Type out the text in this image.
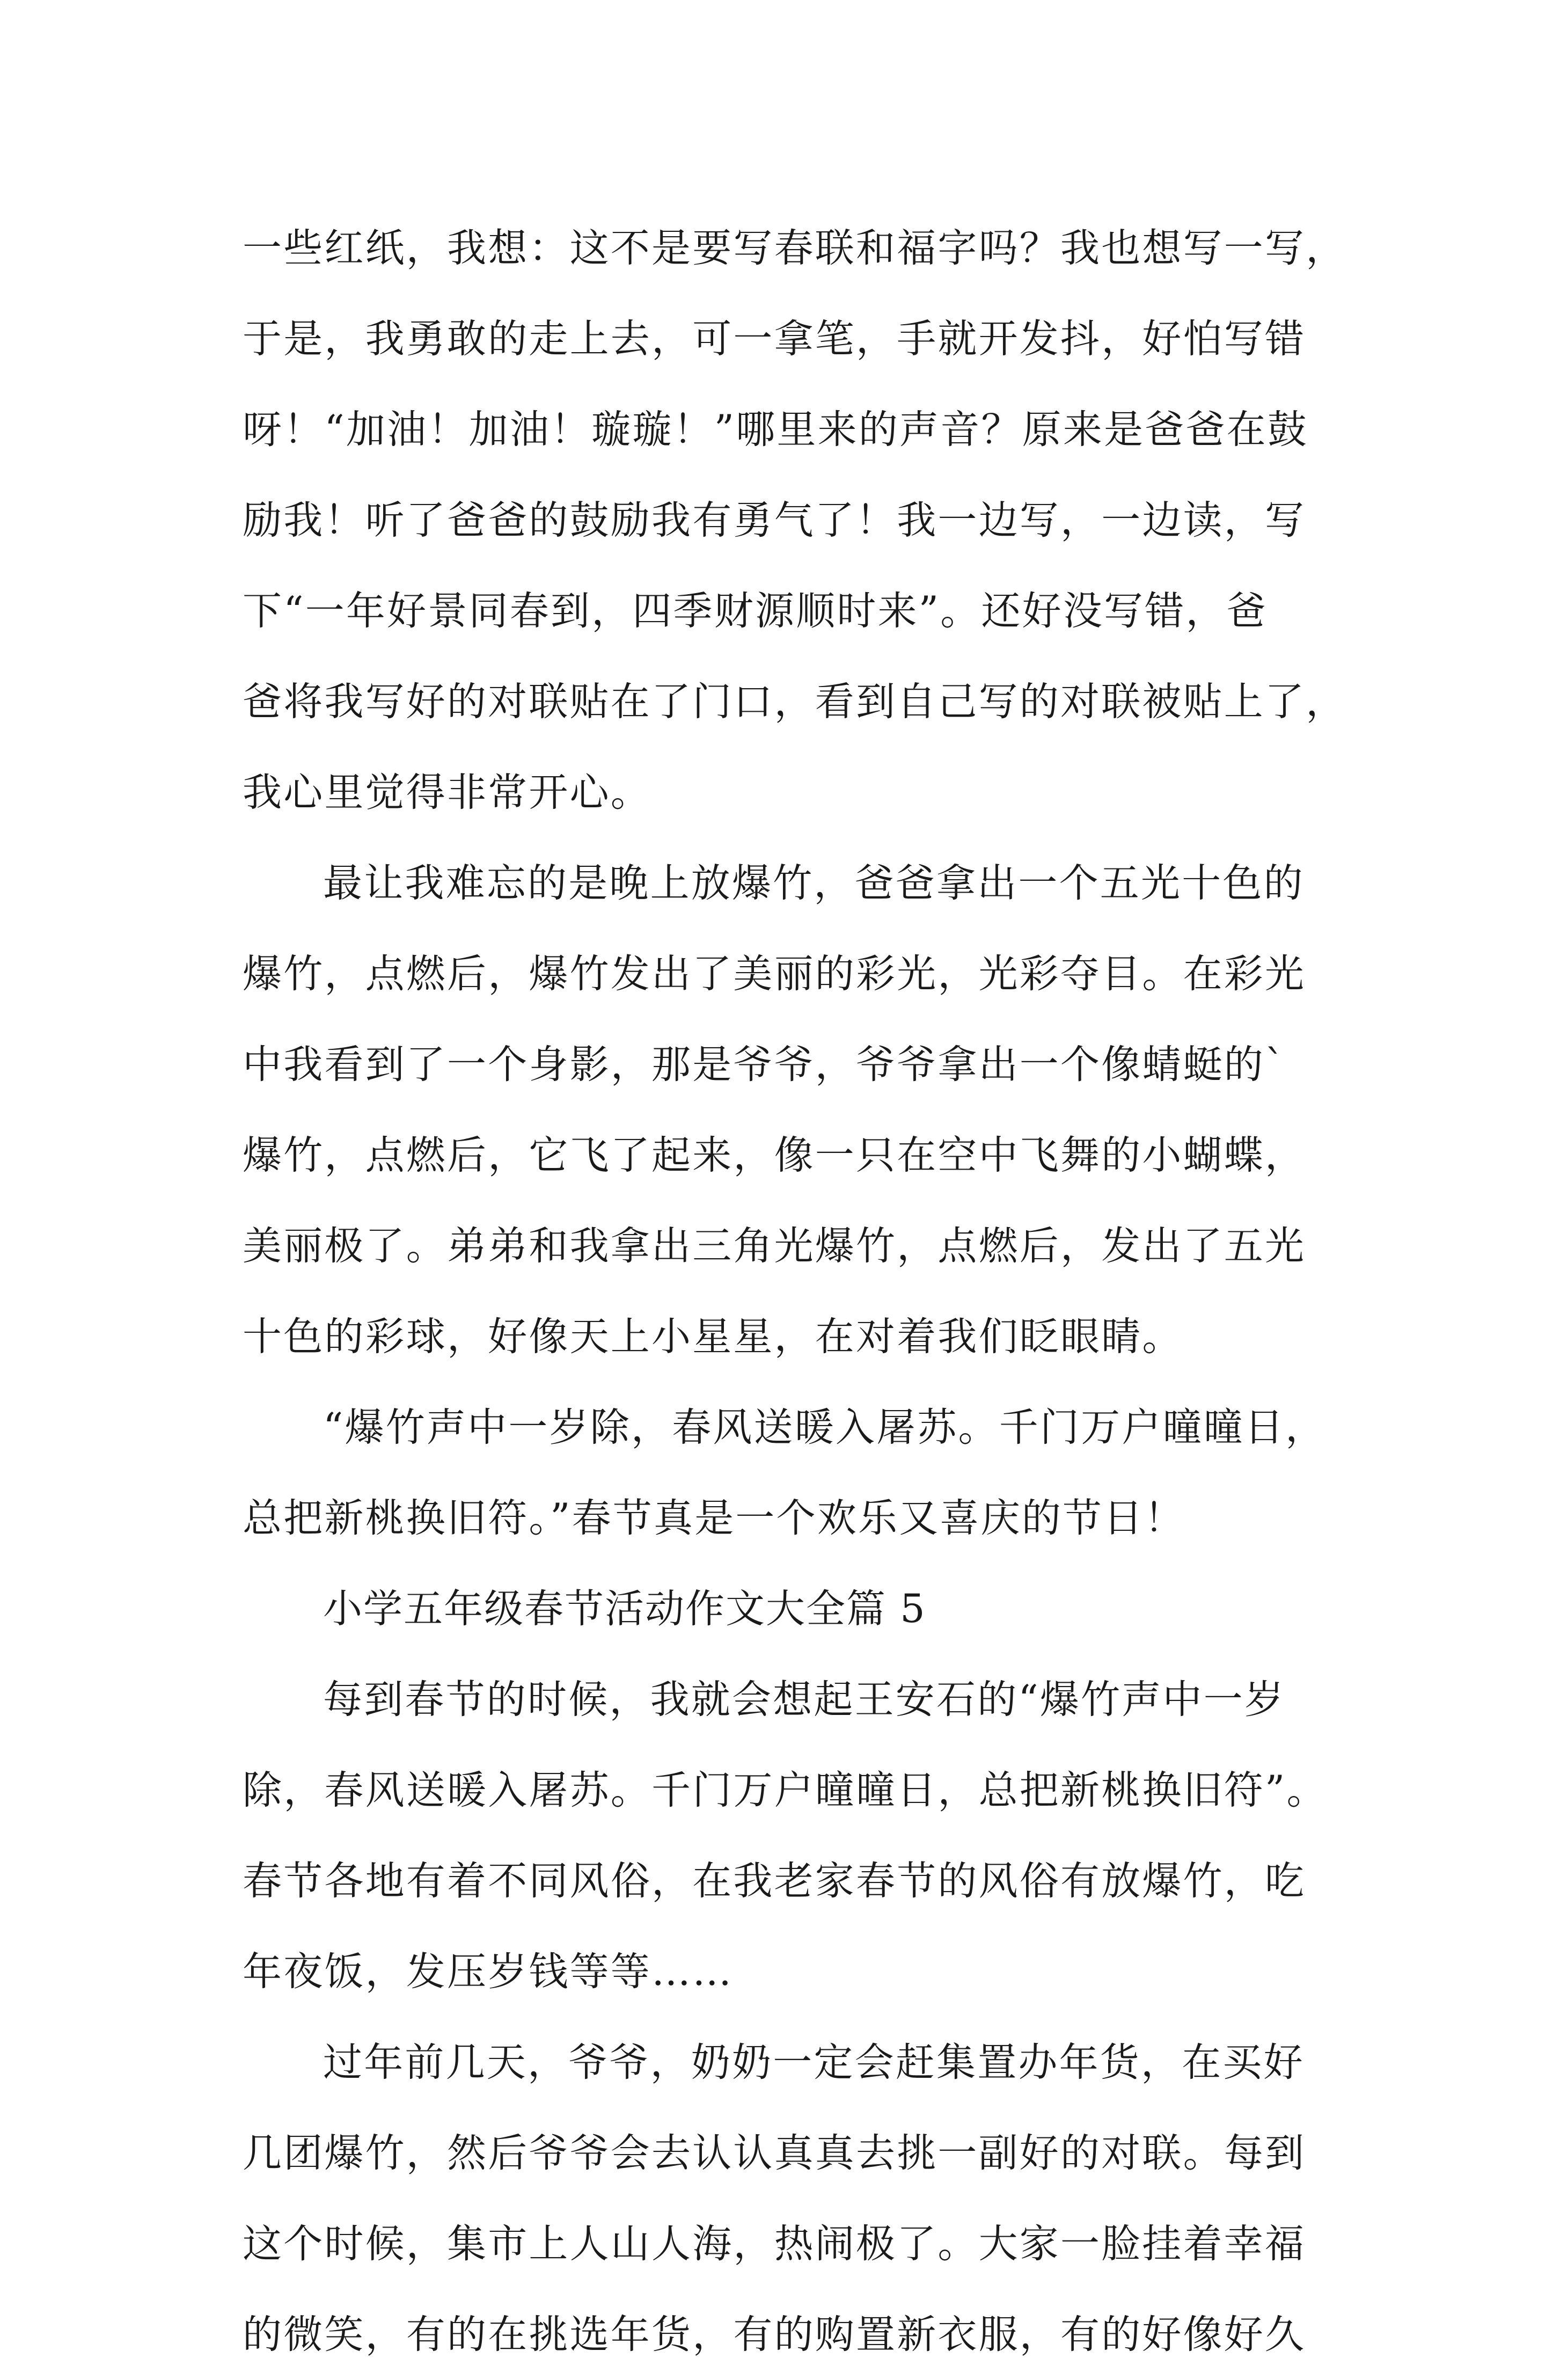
一些红纸，我想：这不是要写春联和福字吗？我也想写一写，
于是，我勇敢的走上去，可一拿笔，手就开发抖，好怕写错
呀！“加油！加油！璇璇！”哪里来的声音？原来是爸爸在鼓
励我！听了爸爸的鼓励我有勇气了！我一边写，一边读，写
下“一年好景同春到，四季财源顺时来”。还好没写错，爸
爸将我写好的对联贴在了门口，看到自己写的对联被贴上了，
我心里觉得非常开心。
最让我难忘的是晚上放爆竹，爸爸拿出一个五光十色的
爆竹，点燃后，爆竹发出了美丽的彩光，光彩夺目。在彩光
中我看到了一个身影，那是爷爷，爷爷拿出一个像蜻蜓的`
爆竹，点燃后，它飞了起来，像一只在空中飞舞的小蝴蝶，
美丽极了。弟弟和我拿出三角光爆竹，点燃后，发出了五光
十色的彩球，好像天上小星星，在对着我们眨眼睛。
“爆竹声中一岁除，春风送暖入屠苏。千门万户曈曈日，
总把新桃换旧符。”春节真是一个欢乐又喜庆的节日！
小学五年级春节活动作文大全篇 5
每到春节的时候，我就会想起王安石的“爆竹声中一岁
除，春风送暖入屠苏。千门万户曈曈日，总把新桃换旧符”。
春节各地有着不同风俗，在我老家春节的风俗有放爆竹，吃
年夜饭，发压岁钱等等……
过年前几天，爷爷，奶奶一定会赶集置办年货，在买好
几团爆竹，然后爷爷会去认认真真去挑一副好的对联。每到
这个时候，集市上人山人海，热闹极了。大家一脸挂着幸福
的微笑，有的在挑选年货，有的购置新衣服，有的好像好久
